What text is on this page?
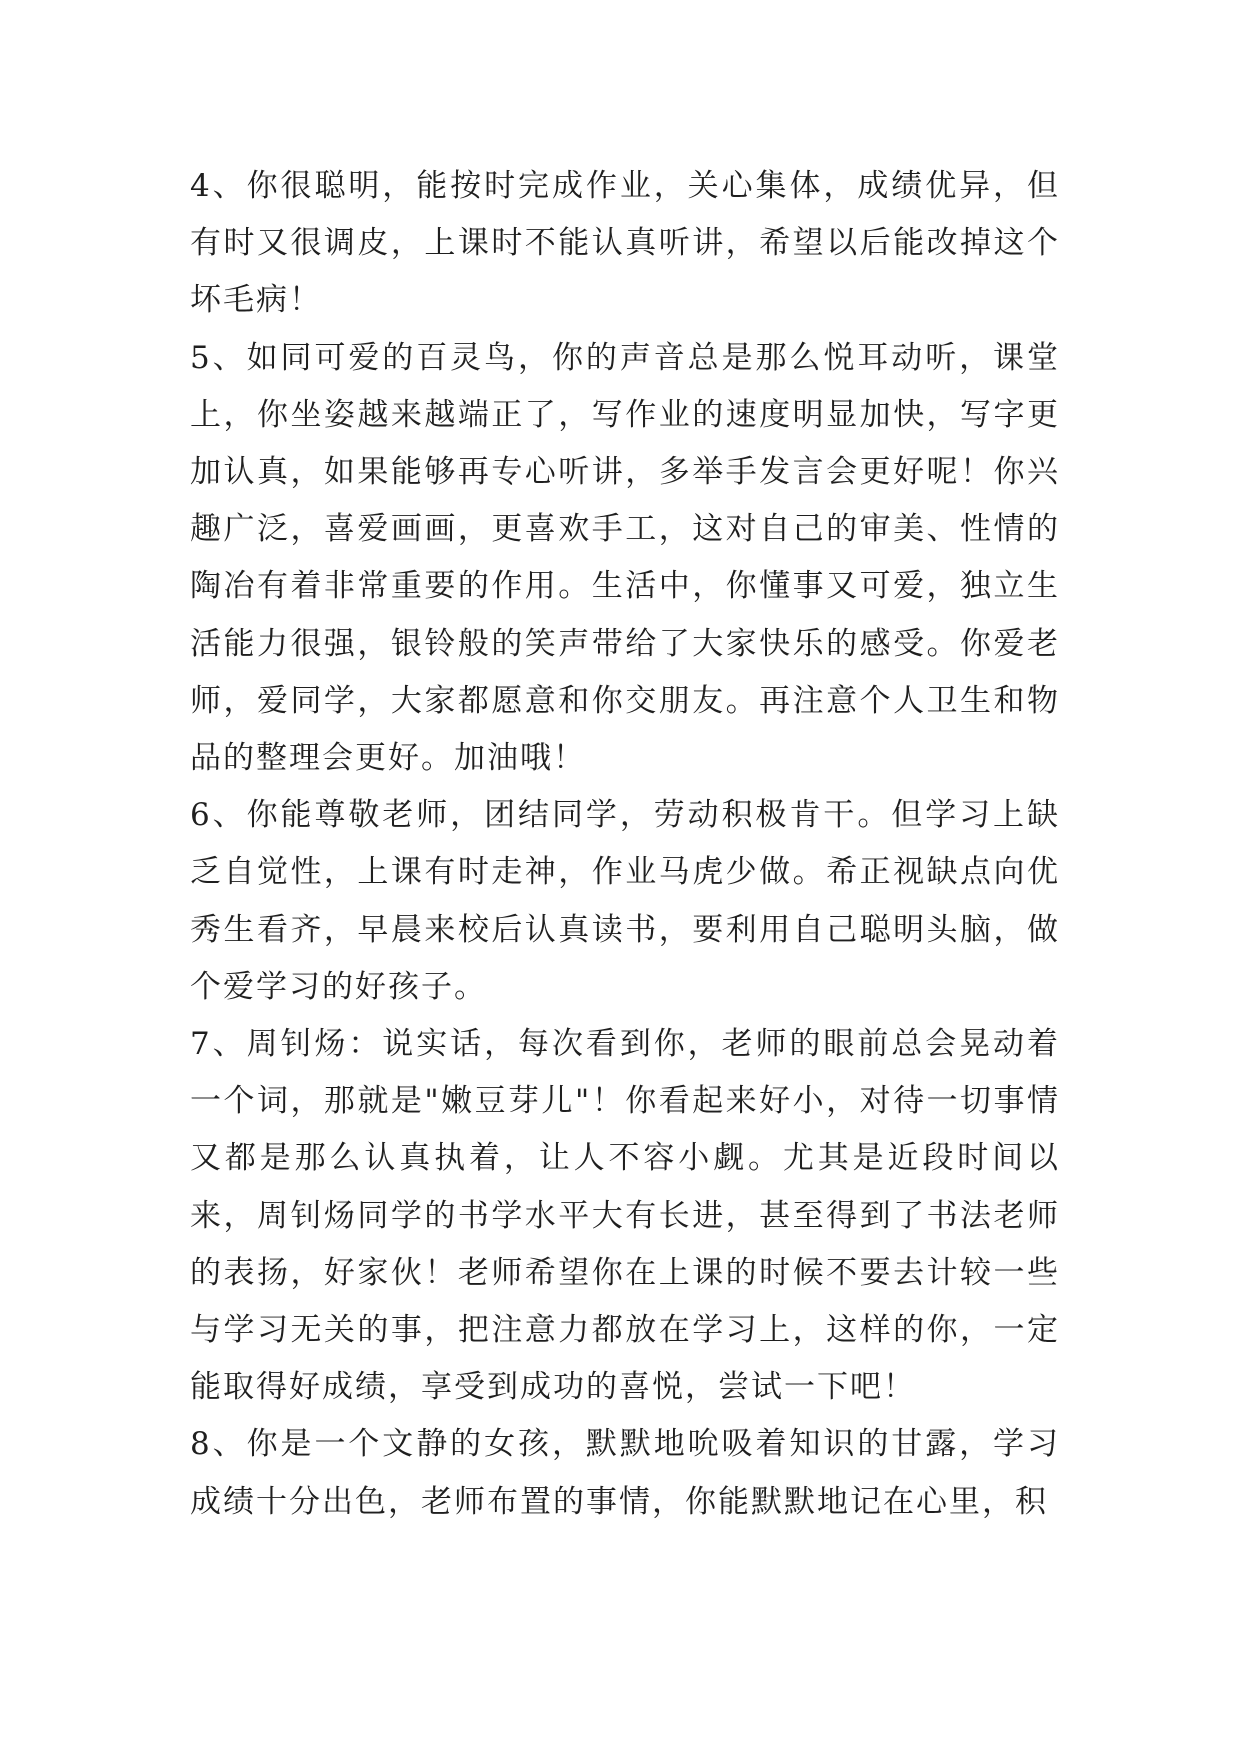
4、你很聪明，能按时完成作业，关心集体，成绩优异，但有时又很调皮，上课时不能认真听讲，希望以后能改掉这个坏毛病！

5、如同可爱的百灵鸟，你的声音总是那么悦耳动听，课堂上，你坐姿越来越端正了，写作业的速度明显加快，写字更加认真，如果能够再专心听讲，多举手发言会更好呢！你兴趣广泛，喜爱画画，更喜欢手工，这对自己的审美、性情的陶冶有着非常重要的作用。生活中，你懂事又可爱，独立生活能力很强，银铃般的笑声带给了大家快乐的感受。你爱老师，爱同学，大家都愿意和你交朋友。再注意个人卫生和物品的整理会更好。加油哦！

6、你能尊敬老师，团结同学，劳动积极肯干。但学习上缺乏自觉性，上课有时走神，作业马虎少做。希正视缺点向优秀生看齐，早晨来校后认真读书，要利用自己聪明头脑，做个爱学习的好孩子。

7、周钊炀：说实话，每次看到你，老师的眼前总会晃动着一个词，那就是"嫩豆芽儿"！你看起来好小，对待一切事情又都是那么认真执着，让人不容小觑。尤其是近段时间以来，周钊炀同学的书学水平大有长进，甚至得到了书法老师的表扬，好家伙！老师希望你在上课的时候不要去计较一些与学习无关的事，把注意力都放在学习上，这样的你，一定能取得好成绩，享受到成功的喜悦，尝试一下吧！

8、你是一个文静的女孩，默默地吮吸着知识的甘露，学习成绩十分出色，老师布置的事情，你能默默地记在心里，积
